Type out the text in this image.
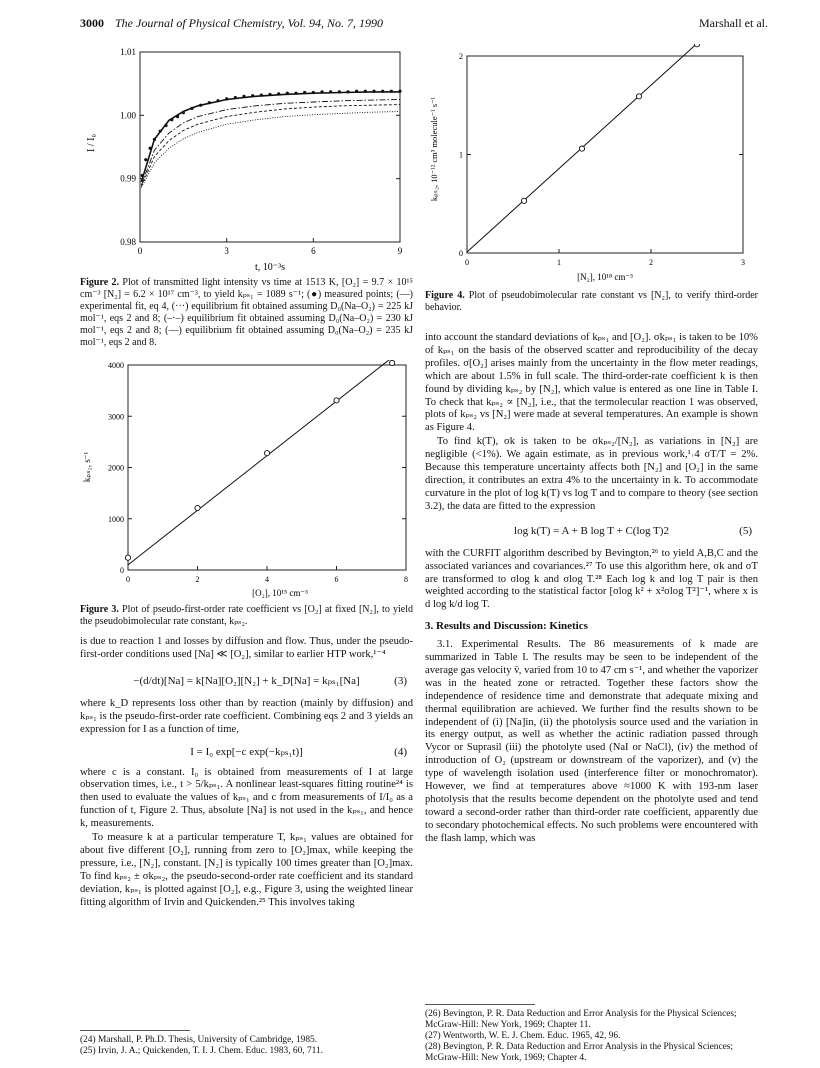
3000 The Journal of Physical Chemistry, Vol. 94, No. 7, 1990	Marshall et al.
I / I₀
0.98
0.99
1.00
1.01
0	3	6	9
t, 10⁻³s
Figure 2. Plot of transmitted light intensity vs time at 1513 K, [O₂] = 9.7 × 10¹⁵ cm⁻³ [N₂] = 6.2 × 10¹⁷ cm⁻³, to yield kₚₛ₁ = 1089 s⁻¹; (●) measured points; (—) experimental fit, eq 4, (···) equilibrium fit obtained assuming D₀(Na–O₂) = 225 kJ mol⁻¹, eqs 2 and 8; (–·–) equilibrium fit obtained assuming D₀(Na–O₂) = 230 kJ mol⁻¹, eqs 2 and 8; (––) equilibrium fit obtained assuming D₀(Na–O₂) = 235 kJ mol⁻¹, eqs 2 and 8.
kₚₛ₁, s⁻¹
0
1000
2000
3000
4000
0	2	4	6	8
[O₂], 10¹⁵ cm⁻³
Figure 3. Plot of pseudo-first-order rate coefficient vs [O₂] at fixed [N₂], to yield the pseudobimolecular rate constant, kₚₛ₂.

is due to reaction 1 and losses by diffusion and flow. Thus, under the pseudo-first-order conditions used [Na] ≪ [O₂], similar to earlier HTP work,¹⁻⁴

−(d/dt)[Na] = k[Na][O₂][N₂] + k_D[Na] = kₚₛ₁[Na]	(3)

where k_D represents loss other than by reaction (mainly by diffusion) and kₚₛ₁ is the pseudo-first-order rate coefficient. Combining eqs 2 and 3 yields an expression for I as a function of time,

I = I₀ exp[−c exp(−kₚₛ₁t)]	(4)

where c is a constant. I₀ is obtained from measurements of I at large observation times, i.e., t > 5/kₚₛ₁. A nonlinear least-squares fitting routine²⁴ is then used to evaluate the values of kₚₛ₁ and c from measurements of I/I₀ as a function of t, Figure 2. Thus, absolute [Na] is not used in the kₚₛ₁, and hence k, measurements.

To measure k at a particular temperature T, kₚₛ₁ values are obtained for about five different [O₂], running from zero to [O₂]max, while keeping the pressure, i.e., [N₂], constant. [N₂] is typically 100 times greater than [O₂]max. To find kₚₛ₂ ± σkₚₛ₂, the pseudo-second-order rate coefficient and its standard deviation, kₚₛ₁ is plotted against [O₂], e.g., Figure 3, using the weighted linear fitting algorithm of Irvin and Quickenden.²⁵ This involves taking

(24) Marshall, P. Ph.D. Thesis, University of Cambridge, 1985.
(25) Irvin, J. A.; Quickenden, T. I. J. Chem. Educ. 1983, 60, 711.
kₚₛ₂, 10⁻¹² cm³ molecule⁻¹ s⁻¹
0
1
2
0	1	2	3
[N₂], 10¹⁸ cm⁻³
Figure 4. Plot of pseudobimolecular rate constant vs [N₂], to verify third-order behavior.

into account the standard deviations of kₚₛ₁ and [O₂]. σkₚₛ₁ is taken to be 10% of kₚₛ₁ on the basis of the observed scatter and reproducibility of the decay profiles. σ[O₂] arises mainly from the uncertainty in the flow meter readings, which are about 1.5% in full scale. The third-order-rate coefficient k is then found by dividing kₚₛ₂ by [N₂], which value is entered as one line in Table I. To check that kₚₛ₂ ∝ [N₂], i.e., that the termolecular reaction 1 was observed, plots of kₚₛ₂ vs [N₂] were made at several temperatures. An example is shown as Figure 4.

To find k(T), σk is taken to be σkₚₛ₂/[N₂], as variations in [N₂] are negligible (<1%). We again estimate, as in previous work,¹˒4 σT/T = 2%. Because this temperature uncertainty affects both [N₂] and [O₂] in the same direction, it contributes an extra 4% to the uncertainty in k. To accommodate curvature in the plot of log k(T) vs log T and to compare to theory (see section 3.2), the data are fitted to the expression

log k(T) = A + B log T + C(log T)2	(5)

with the CURFIT algorithm described by Bevington,²⁶ to yield A,B,C and the associated variances and covariances.²⁷ To use this algorithm here, σk and σT are transformed to σlog k and σlog T.²⁸ Each log k and log T pair is then weighted according to the statistical factor [σlog k² + x²σlog T²]⁻¹, where x is d log k/d log T.

3. Results and Discussion: Kinetics

3.1. Experimental Results. The 86 measurements of k made are summarized in Table I. The results may be seen to be independent of the average gas velocity v̄, varied from 10 to 47 cm s⁻¹, and whether the vaporizer was in the heated zone or retracted. Together these factors show the independence of residence time and demonstrate that adequate mixing and thermal equilibration are achieved. We further find the results shown to be independent of (i) [Na]in, (ii) the photolysis source used and the variation in its energy output, as well as whether the actinic radiation passed through Vycor or Suprasil (iii) the photolyte used (NaI or NaCl), (iv) the method of introduction of O₂ (upstream or downstream of the vaporizer), and (v) the type of wavelength isolation used (interference filter or monochromator). However, we find at temperatures above ≈1000 K with 193-nm laser photolysis that the results become dependent on the photolyte used and tend toward a second-order rather than third-order rate coefficient, apparently due to secondary photochemical effects. No such problems were encountered with the flash lamp, which was

(26) Bevington, P. R. Data Reduction and Error Analysis for the Physical Sciences; McGraw-Hill: New York, 1969; Chapter 11.
(27) Wentworth, W. E. J. Chem. Educ. 1965, 42, 96.
(28) Bevington, P. R. Data Reduction and Error Analysis in the Physical Sciences; McGraw-Hill: New York, 1969; Chapter 4.
